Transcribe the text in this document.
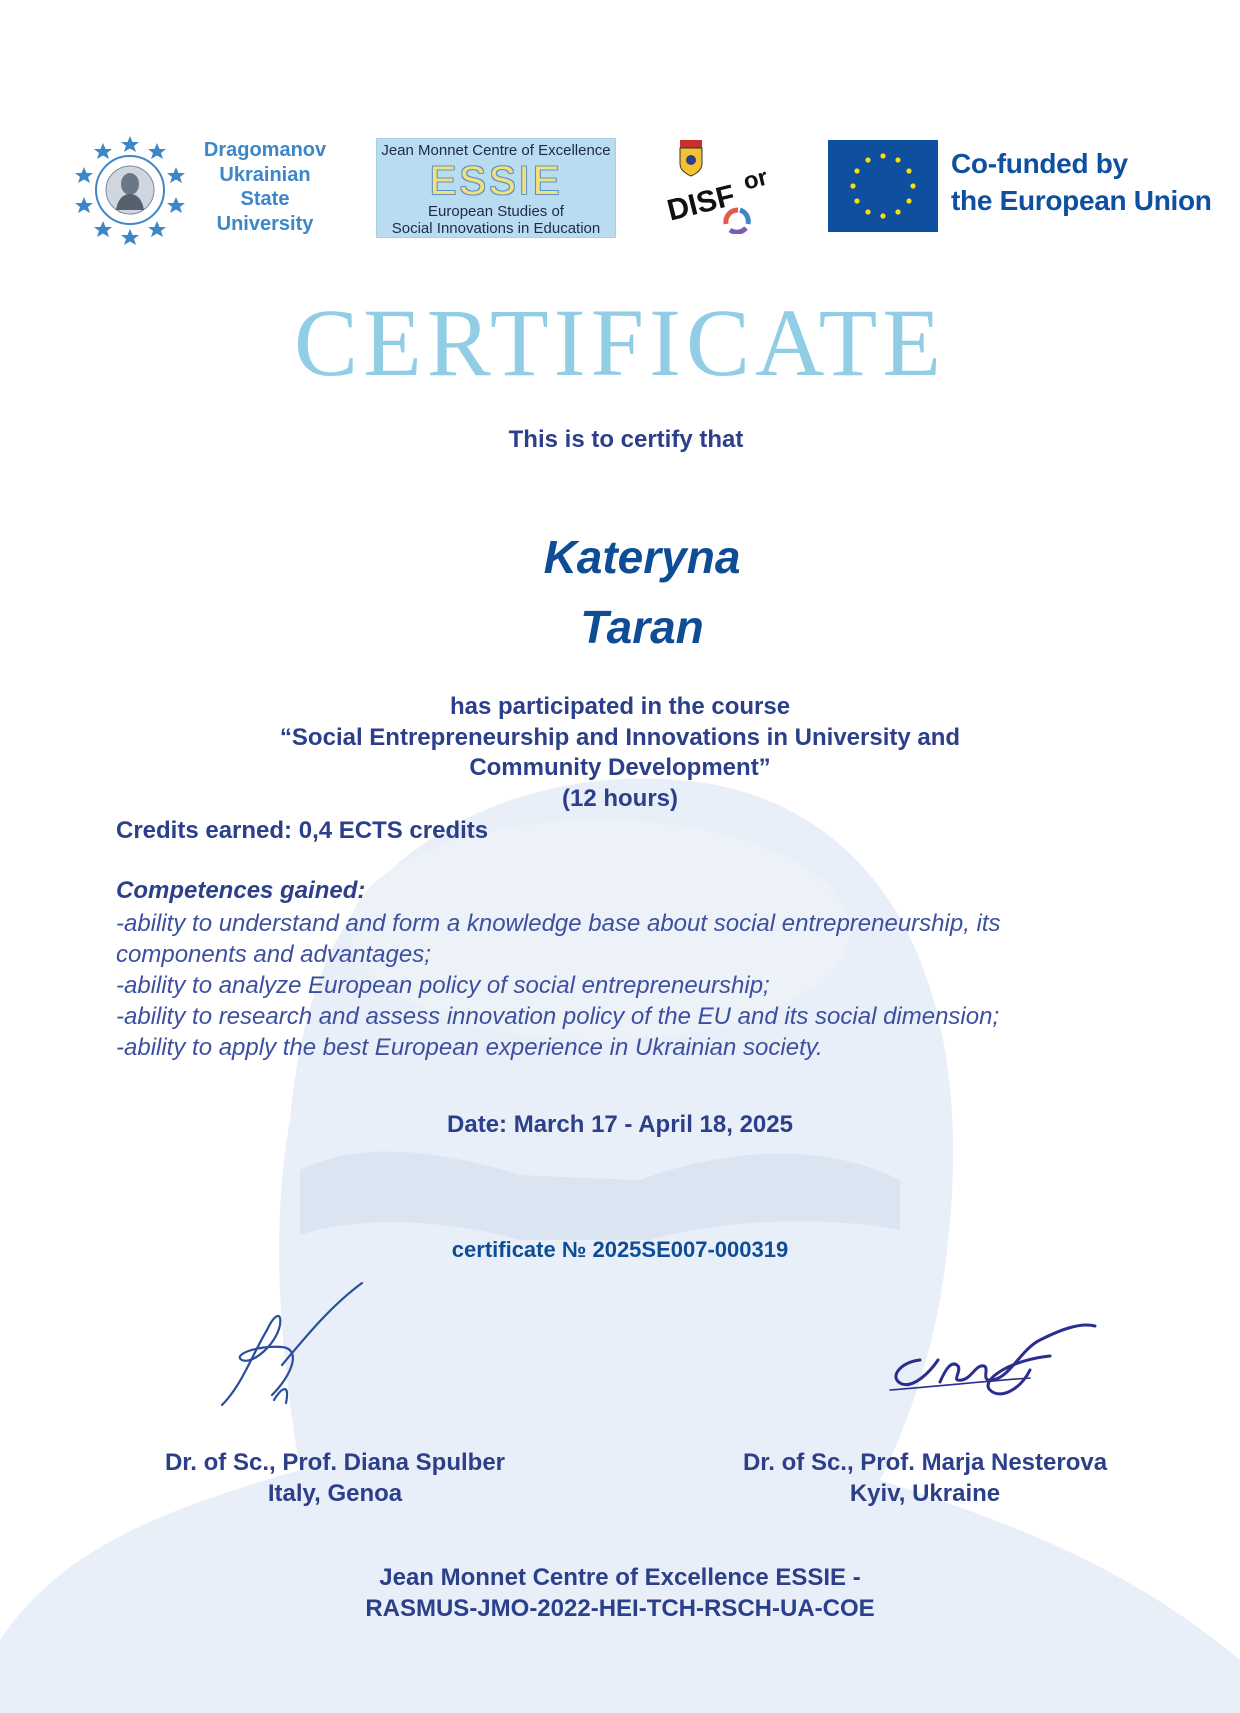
Dragomanov
Ukrainian
State
University
Jean Monnet Centre of Excellence
ESSIE
European Studies of
Social Innovations in Education
DISF or
Co-funded by
the European Union
CERTIFICATE
This is to certify that
Kateryna
Taran
has participated in the course
“Social Entrepreneurship and Innovations in University and
Community Development”
(12 hours)
Credits earned: 0,4 ECTS credits
Competences gained:
-ability to understand and form a knowledge base about social entrepreneurship, its
components and advantages;
-ability to analyze European policy of social entrepreneurship;
-ability to research and assess innovation policy of the EU and its social dimension;
-ability to apply the best European experience in Ukrainian society.
Date: March 17 - April 18, 2025
certificate № 2025SE007-000319
Dr. of Sc., Prof. Diana Spulber
Italy, Genoa
Dr. of Sc., Prof. Marja Nesterova
Kyiv, Ukraine
Jean Monnet Centre of Excellence ESSIE -
RASMUS-JMO-2022-HEI-TCH-RSCH-UA-COE
